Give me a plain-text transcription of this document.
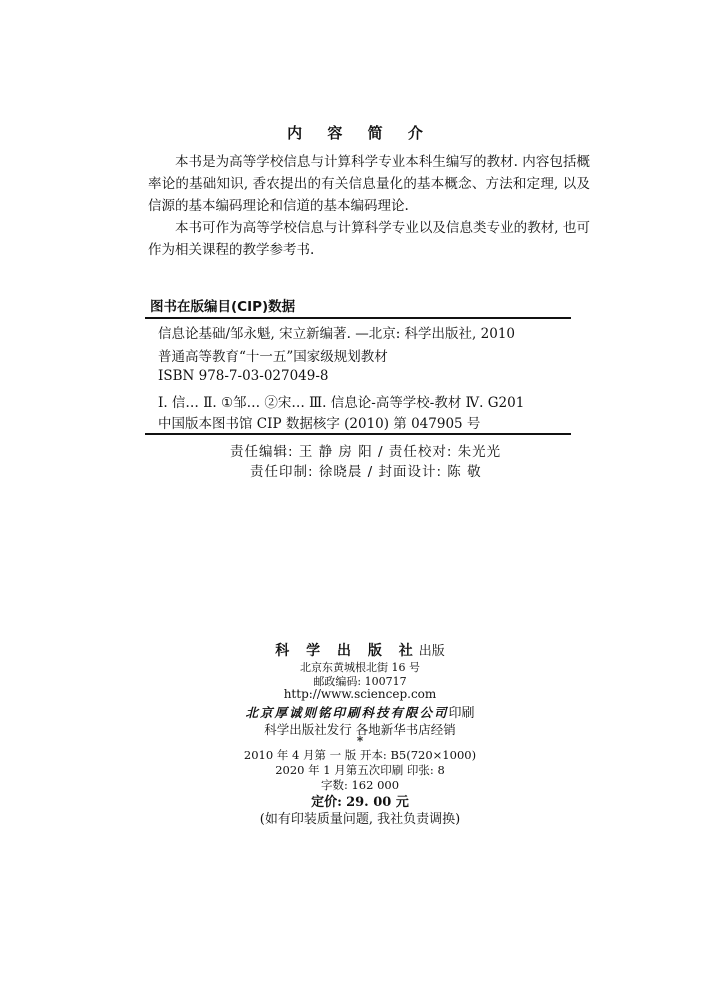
内 容 简 介

本书是为高等学校信息与计算科学专业本科生编写的教材. 内容包括概率论的基础知识, 香农提出的有关信息量化的基本概念、方法和定理, 以及信源的基本编码理论和信道的基本编码理论.

本书可作为高等学校信息与计算科学专业以及信息类专业的教材, 也可作为相关课程的教学参考书.

图书在版编目(CIP)数据
信息论基础/邹永魁, 宋立新编著. —北京: 科学出版社, 2010
普通高等教育“十一五”国家级规划教材
ISBN 978-7-03-027049-8
Ⅰ. 信… Ⅱ. ①邹… ②宋… Ⅲ. 信息论-高等学校-教材 Ⅳ. G201
中国版本图书馆 CIP 数据核字 (2010) 第 047905 号
责任编辑: 王 静 房 阳 / 责任校对: 朱光光
责任印制: 徐晓晨 / 封面设计: 陈 敬
科 学 出 版 社出版
北京东黄城根北街 16 号
邮政编码: 100717
http://www.sciencep.com
北京厚诚则铭印刷科技有限公司印刷
科学出版社发行 各地新华书店经销
*
2010 年 4 月第 一 版 开本: B5(720×1000)
2020 年 1 月第五次印刷 印张: 8
字数: 162 000
定价: 29. 00 元
(如有印装质量问题, 我社负责调换)
